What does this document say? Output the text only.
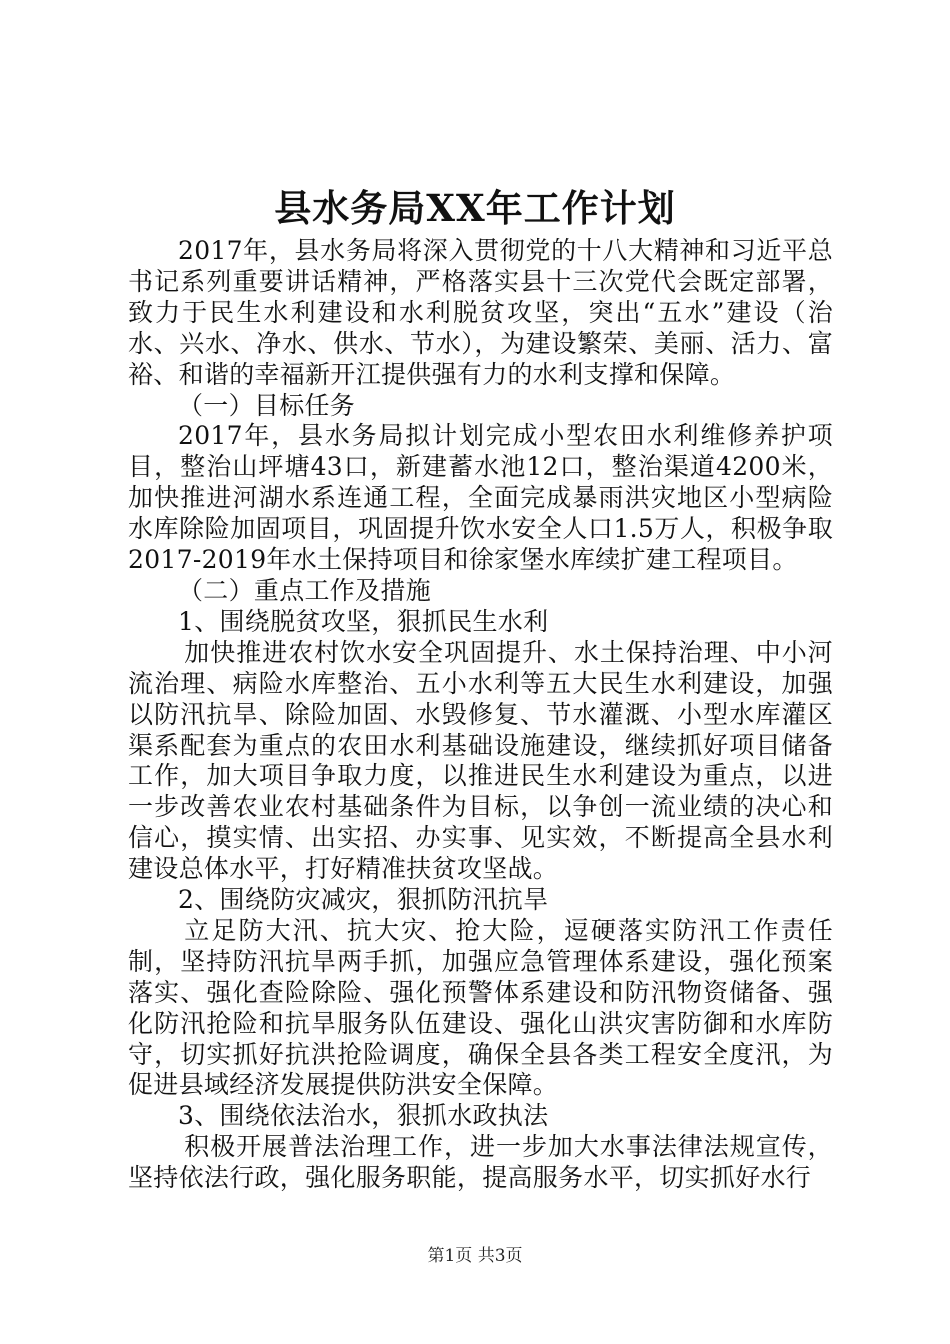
县水务局XX年工作计划

2017年，县水务局将深入贯彻党的十八大精神和习近平总书记系列重要讲话精神，严格落实县十三次党代会既定部署，致力于民生水利建设和水利脱贫攻坚，突出“五水”建设（治水、兴水、净水、供水、节水），为建设繁荣、美丽、活力、富裕、和谐的幸福新开江提供强有力的水利支撑和保障。

（一）目标任务

2017年，县水务局拟计划完成小型农田水利维修养护项目，整治山坪塘43口，新建蓄水池12口，整治渠道4200米，加快推进河湖水系连通工程，全面完成暴雨洪灾地区小型病险水库除险加固项目，巩固提升饮水安全人口1.5万人，积极争取2017-2019年水土保持项目和徐家堡水库续扩建工程项目。

（二）重点工作及措施

1、围绕脱贫攻坚，狠抓民生水利

加快推进农村饮水安全巩固提升、水土保持治理、中小河流治理、病险水库整治、五小水利等五大民生水利建设，加强以防汛抗旱、除险加固、水毁修复、节水灌溉、小型水库灌区渠系配套为重点的农田水利基础设施建设，继续抓好项目储备工作，加大项目争取力度，以推进民生水利建设为重点，以进一步改善农业农村基础条件为目标，以争创一流业绩的决心和信心，摸实情、出实招、办实事、见实效，不断提高全县水利建设总体水平，打好精准扶贫攻坚战。

2、围绕防灾减灾，狠抓防汛抗旱

立足防大汛、抗大灾、抢大险，逗硬落实防汛工作责任制，坚持防汛抗旱两手抓，加强应急管理体系建设，强化预案落实、强化查险除险、强化预警体系建设和防汛物资储备、强化防汛抢险和抗旱服务队伍建设、强化山洪灾害防御和水库防守，切实抓好抗洪抢险调度，确保全县各类工程安全度汛，为促进县域经济发展提供防洪安全保障。

3、围绕依法治水，狠抓水政执法

积极开展普法治理工作，进一步加大水事法律法规宣传，坚持依法行政，强化服务职能，提高服务水平，切实抓好水行

第1页 共3页
